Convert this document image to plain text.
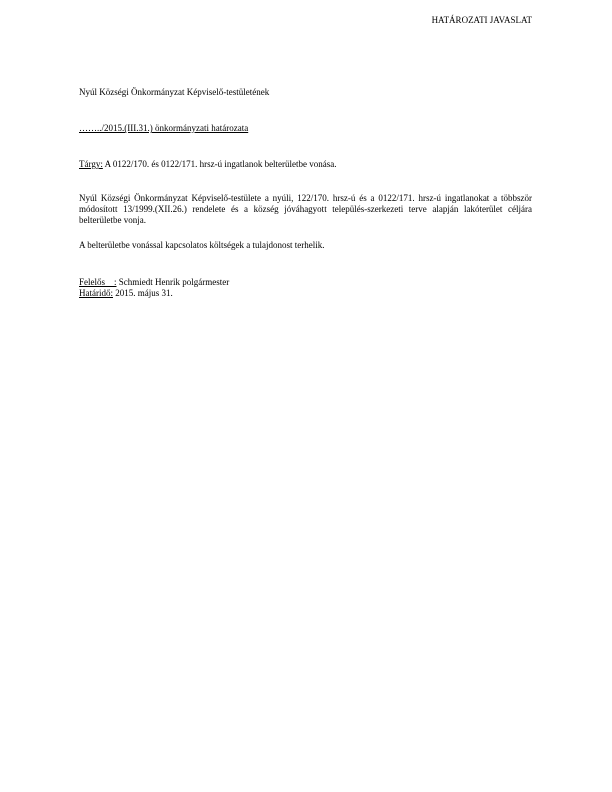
HATÁROZATI JAVASLAT
Nyúl Községi Önkormányzat Képviselő-testületének
……../2015.(III.31.) önkormányzati határozata
Tárgy: A 0122/170. és 0122/171. hrsz-ú ingatlanok belterületbe vonása.
Nyúl Községi Önkormányzat Képviselő-testülete a nyúli, 122/170. hrsz-ú és a 0122/171. hrsz-ú ingatlanokat a többször módosított 13/1999.(XII.26.) rendelete és a község jóváhagyott település-szerkezeti terve alapján lakóterület céljára belterületbe vonja.
A belterületbe vonással kapcsolatos költségek a tulajdonost terhelik.
Felelős    : Schmiedt Henrik polgármester
Határidő: 2015. május 31.
